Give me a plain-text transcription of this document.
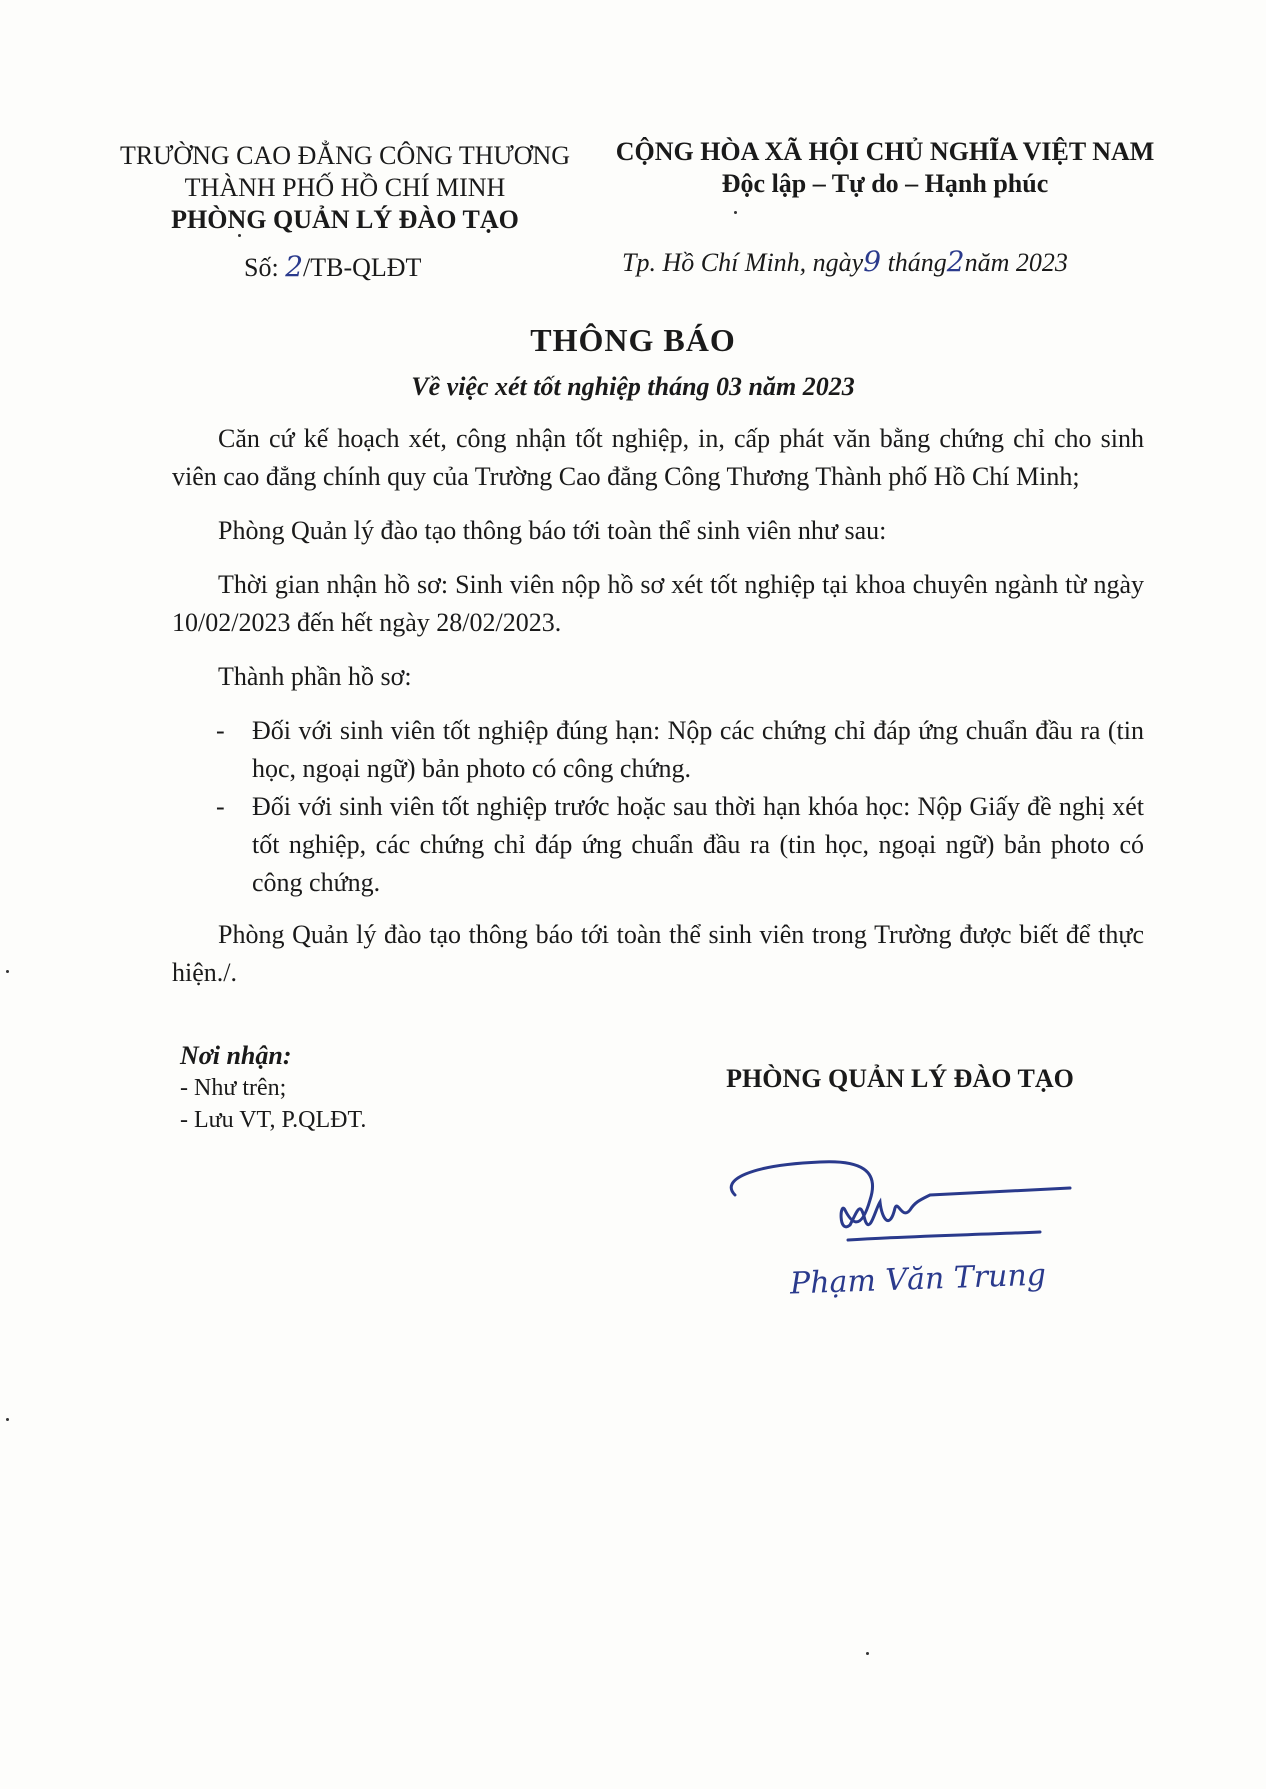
TRƯỜNG CAO ĐẲNG CÔNG THƯƠNG
THÀNH PHỐ HỒ CHÍ MINH
PHÒNG QUẢN LÝ ĐÀO TẠO
Số: 2/TB-QLĐT
CỘNG HÒA XÃ HỘI CHỦ NGHĨA VIỆT NAM
Độc lập – Tự do – Hạnh phúc
Tp. Hồ Chí Minh, ngày9 tháng2năm 2023
THÔNG BÁO
Về việc xét tốt nghiệp tháng 03 năm 2023

Căn cứ kế hoạch xét, công nhận tốt nghiệp, in, cấp phát văn bằng chứng chỉ cho sinh viên cao đẳng chính quy của Trường Cao đẳng Công Thương Thành phố Hồ Chí Minh;

Phòng Quản lý đào tạo thông báo tới toàn thể sinh viên như sau:

Thời gian nhận hồ sơ: Sinh viên nộp hồ sơ xét tốt nghiệp tại khoa chuyên ngành từ ngày 10/02/2023 đến hết ngày 28/02/2023.

Thành phần hồ sơ:

- Đối với sinh viên tốt nghiệp đúng hạn: Nộp các chứng chỉ đáp ứng chuẩn đầu ra (tin học, ngoại ngữ) bản photo có công chứng.
- Đối với sinh viên tốt nghiệp trước hoặc sau thời hạn khóa học: Nộp Giấy đề nghị xét tốt nghiệp, các chứng chỉ đáp ứng chuẩn đầu ra (tin học, ngoại ngữ) bản photo có công chứng.

Phòng Quản lý đào tạo thông báo tới toàn thể sinh viên trong Trường được biết để thực hiện./.

Nơi nhận:
- Như trên;
- Lưu VT, P.QLĐT.
PHÒNG QUẢN LÝ ĐÀO TẠO
Phạm Văn Trung
